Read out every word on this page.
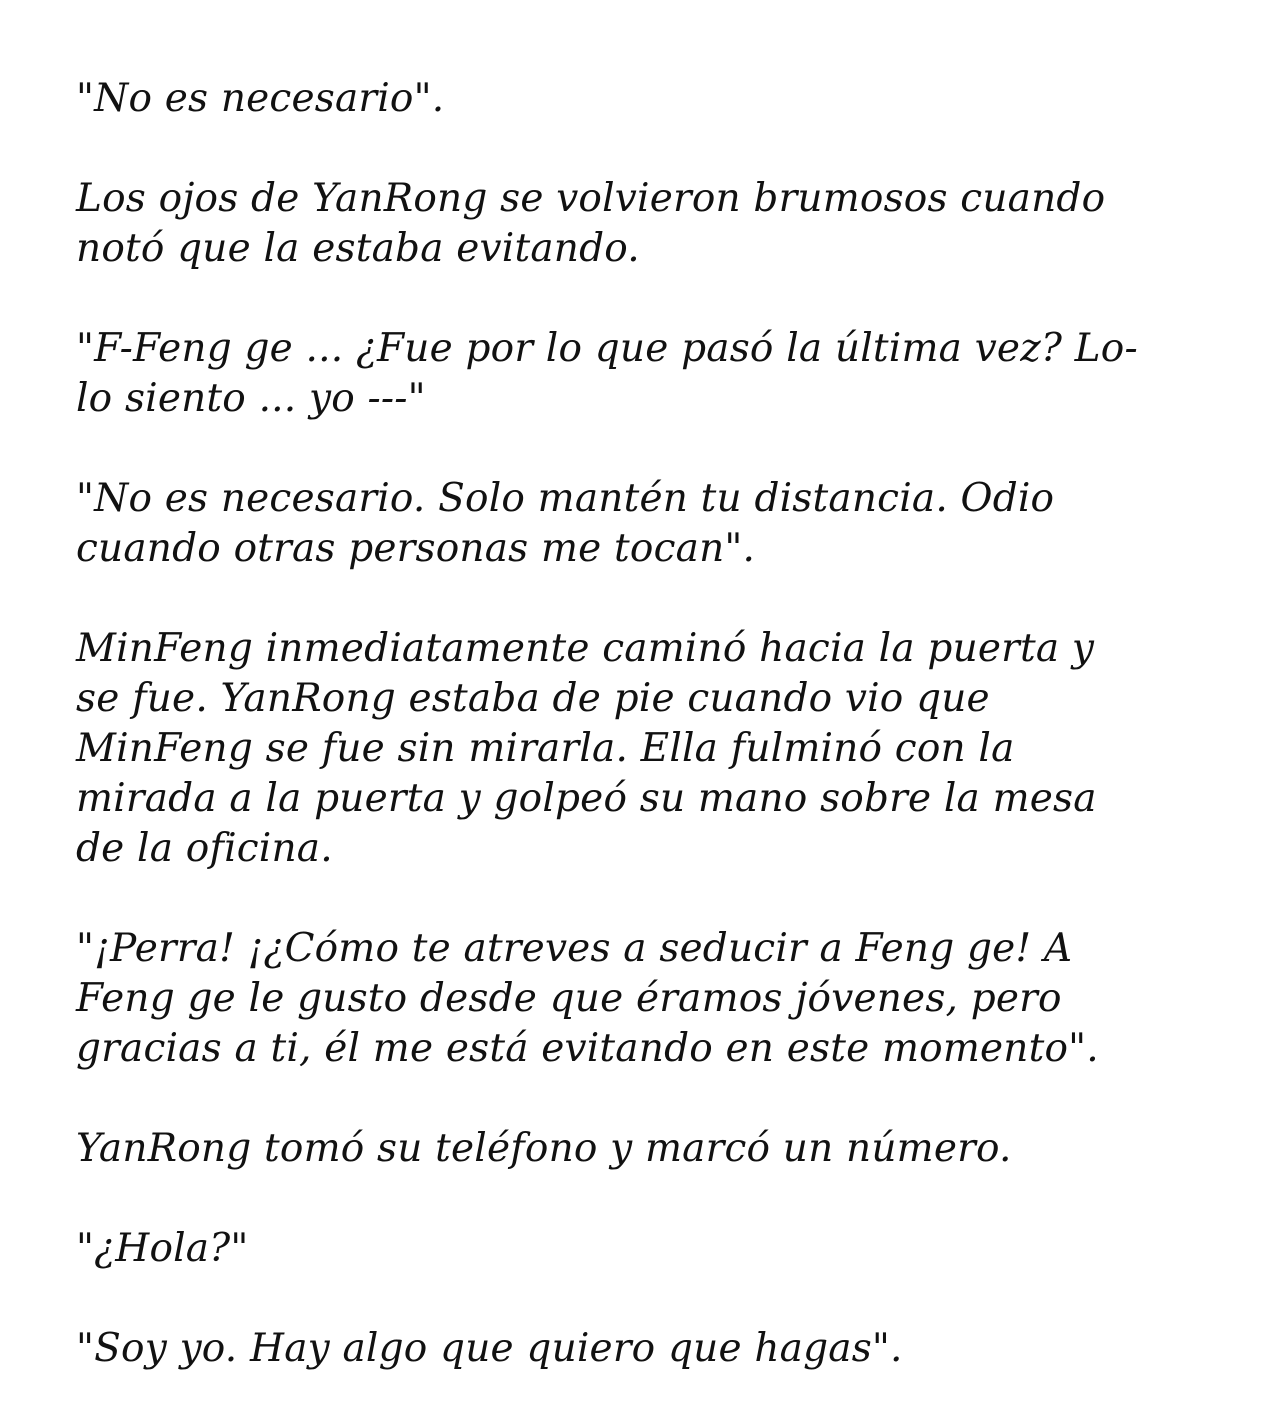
"No es necesario".

Los ojos de YanRong se volvieron brumosos cuando
notó que la estaba evitando.

"F-Feng ge ... ¿Fue por lo que pasó la última vez? Lo-
lo siento ... yo ---"

"No es necesario. Solo mantén tu distancia. Odio
cuando otras personas me tocan".

MinFeng inmediatamente caminó hacia la puerta y
se fue. YanRong estaba de pie cuando vio que
MinFeng se fue sin mirarla. Ella fulminó con la
mirada a la puerta y golpeó su mano sobre la mesa
de la oficina.

"¡Perra! ¡¿Cómo te atreves a seducir a Feng ge! A
Feng ge le gusto desde que éramos jóvenes, pero
gracias a ti, él me está evitando en este momento".

YanRong tomó su teléfono y marcó un número.

"¿Hola?"

"Soy yo. Hay algo que quiero que hagas".
